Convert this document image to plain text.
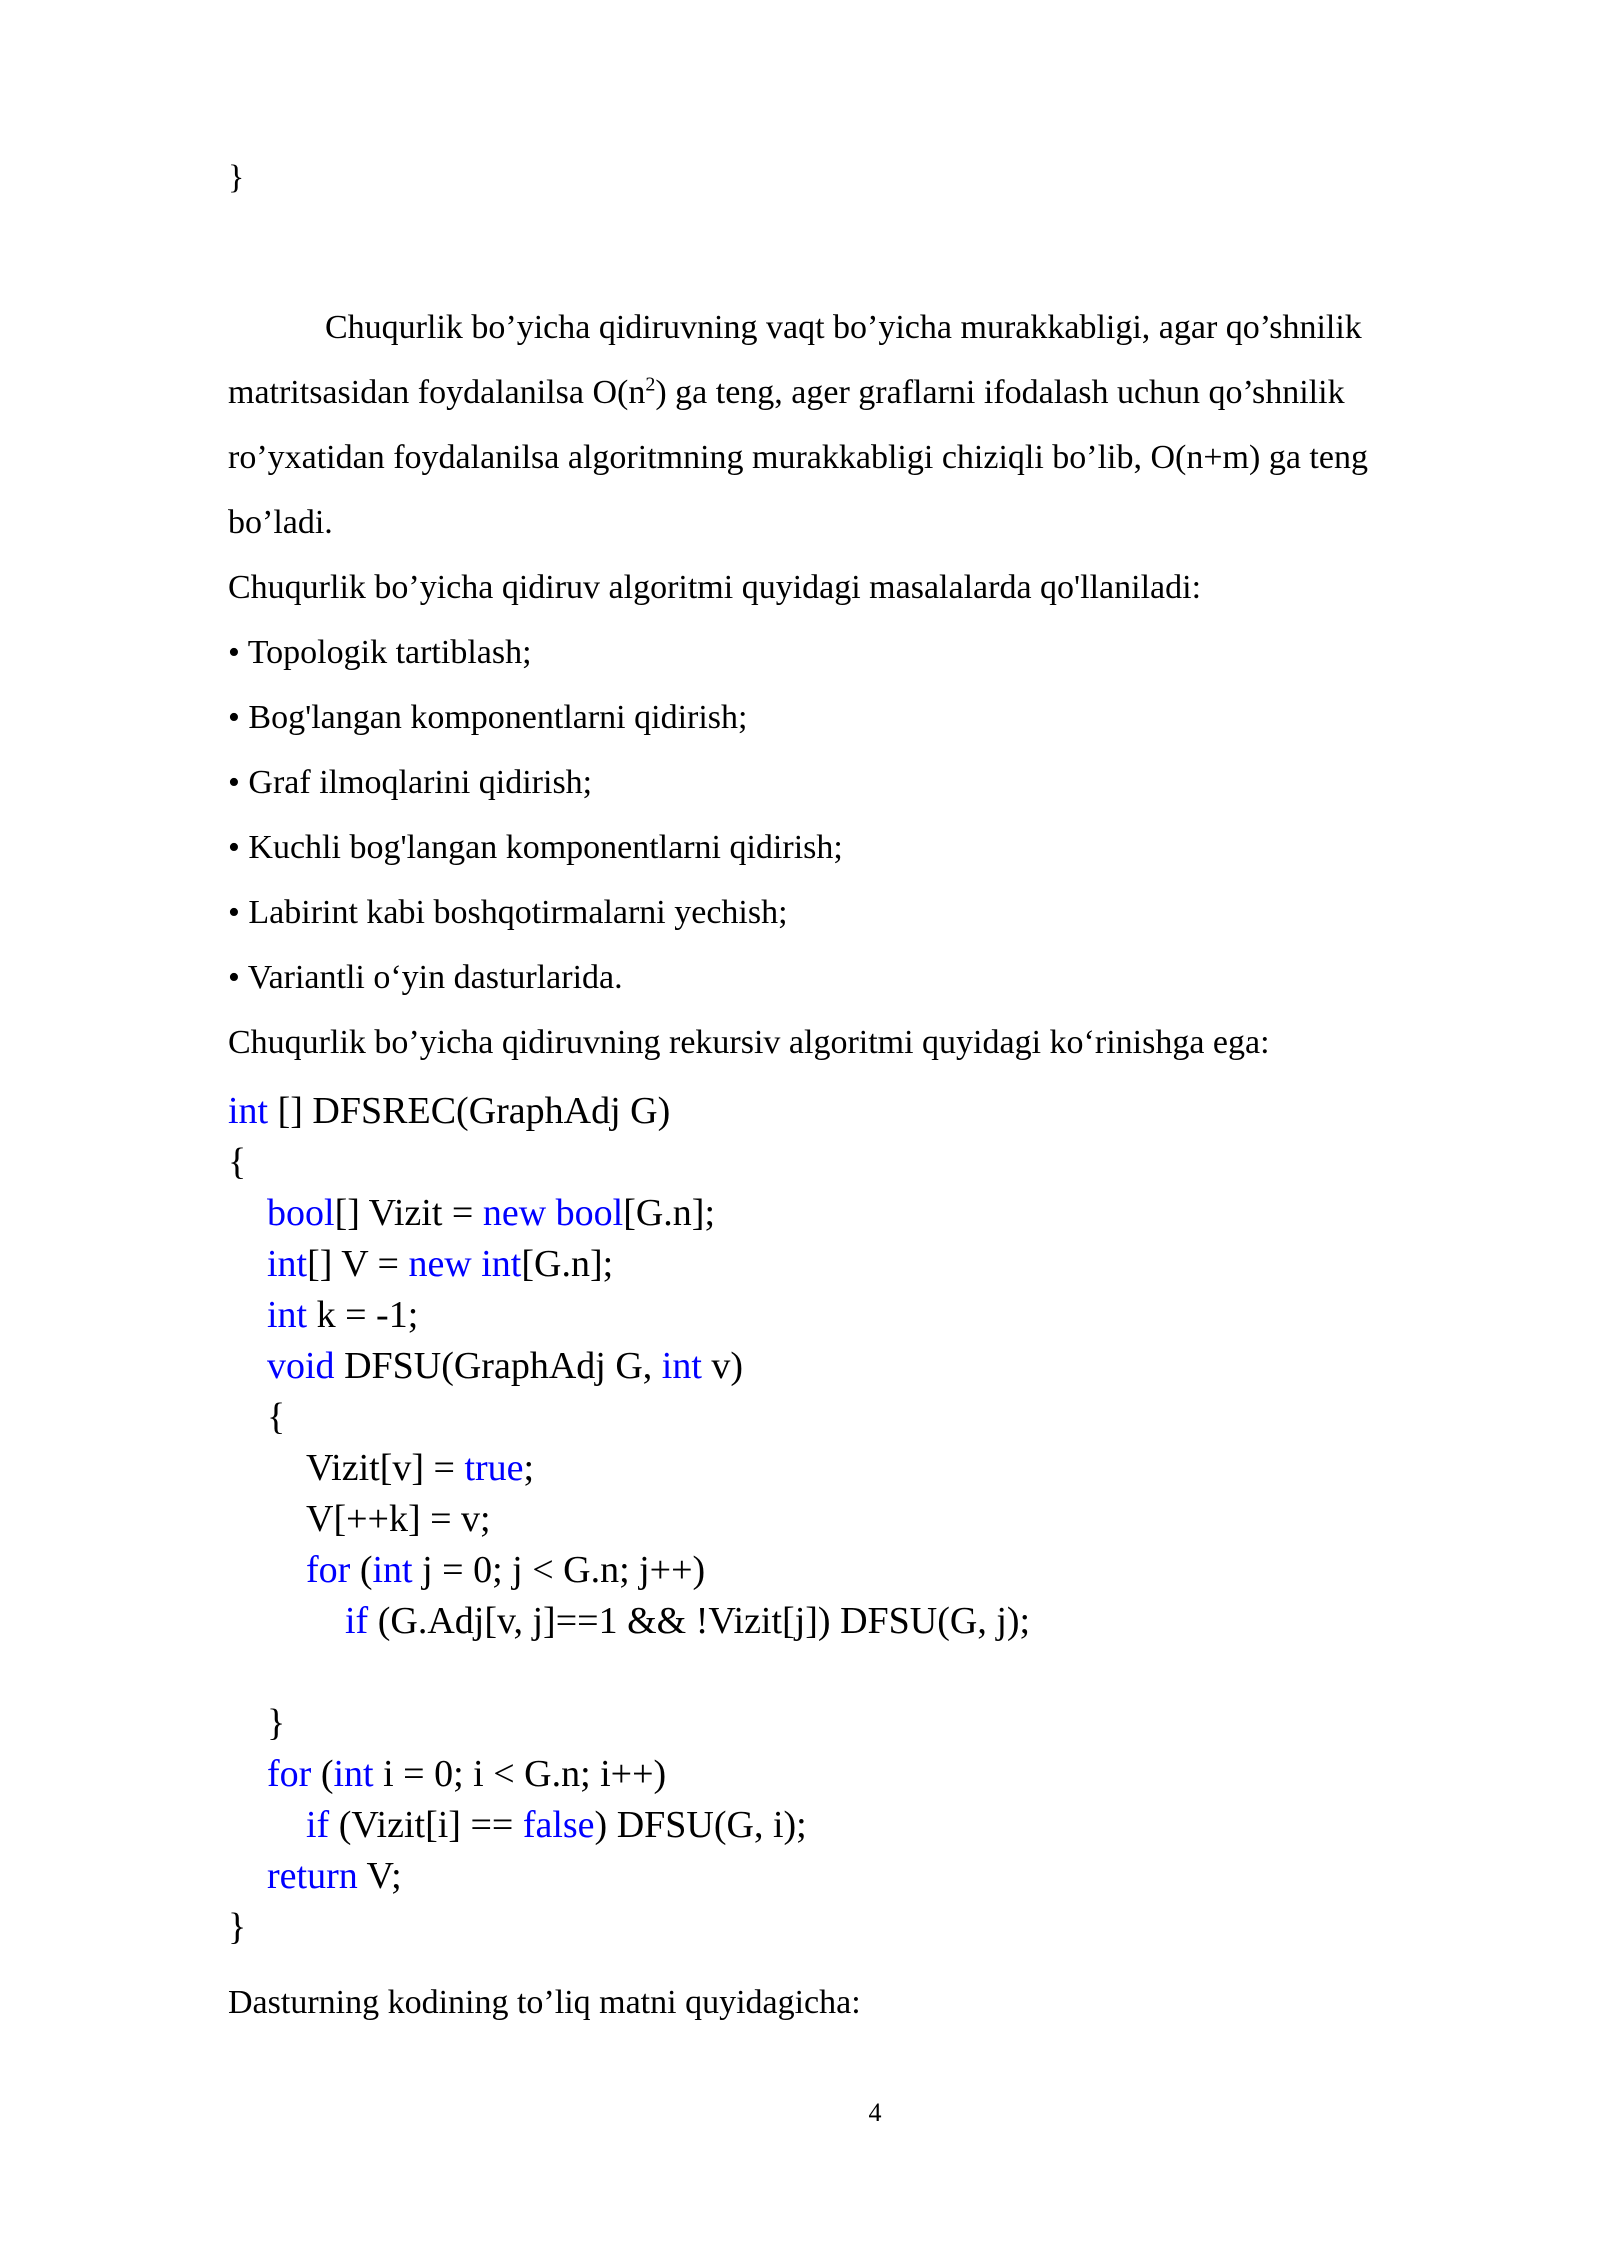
}
Chuqurlik bo’yicha qidiruvning vaqt bo’yicha murakkabligi, agar qo’shnilik
matritsasidan foydalanilsa $O(n^2)$ ga teng, ager graflarni ifodalash uchun qo’shnilik
ro’yxatidan foydalanilsa algoritmning murakkabligi chiziqli bo’lib, O(n+m) ga teng
bo’ladi.
Chuqurlik bo’yicha qidiruv algoritmi quyidagi masalalarda qo'llaniladi:
• Topologik tartiblash;
• Bog'langan komponentlarni qidirish;
• Graf ilmoqlarini qidirish;
• Kuchli bog'langan komponentlarni qidirish;
• Labirint kabi boshqotirmalarni yechish;
• Variantli o‘yin dasturlarida.
Chuqurlik bo’yicha qidiruvning rekursiv algoritmi quyidagi ko‘rinishga ega:
int [] DFSREC(GraphAdj G)
{
bool[] Vizit = new bool[G.n];
int[] V = new int[G.n];
int k = -1;
void DFSU(GraphAdj G, int v)
{
Vizit[v] = true;
V[++k] = v;
for (int j = 0; j < G.n; j++)
if (G.Adj[v, j]==1 && !Vizit[j]) DFSU(G, j);
}
for (int i = 0; i < G.n; i++)
if (Vizit[i] == false) DFSU(G, i);
return V;
}
Dasturning kodining to’liq matni quyidagicha:
4
